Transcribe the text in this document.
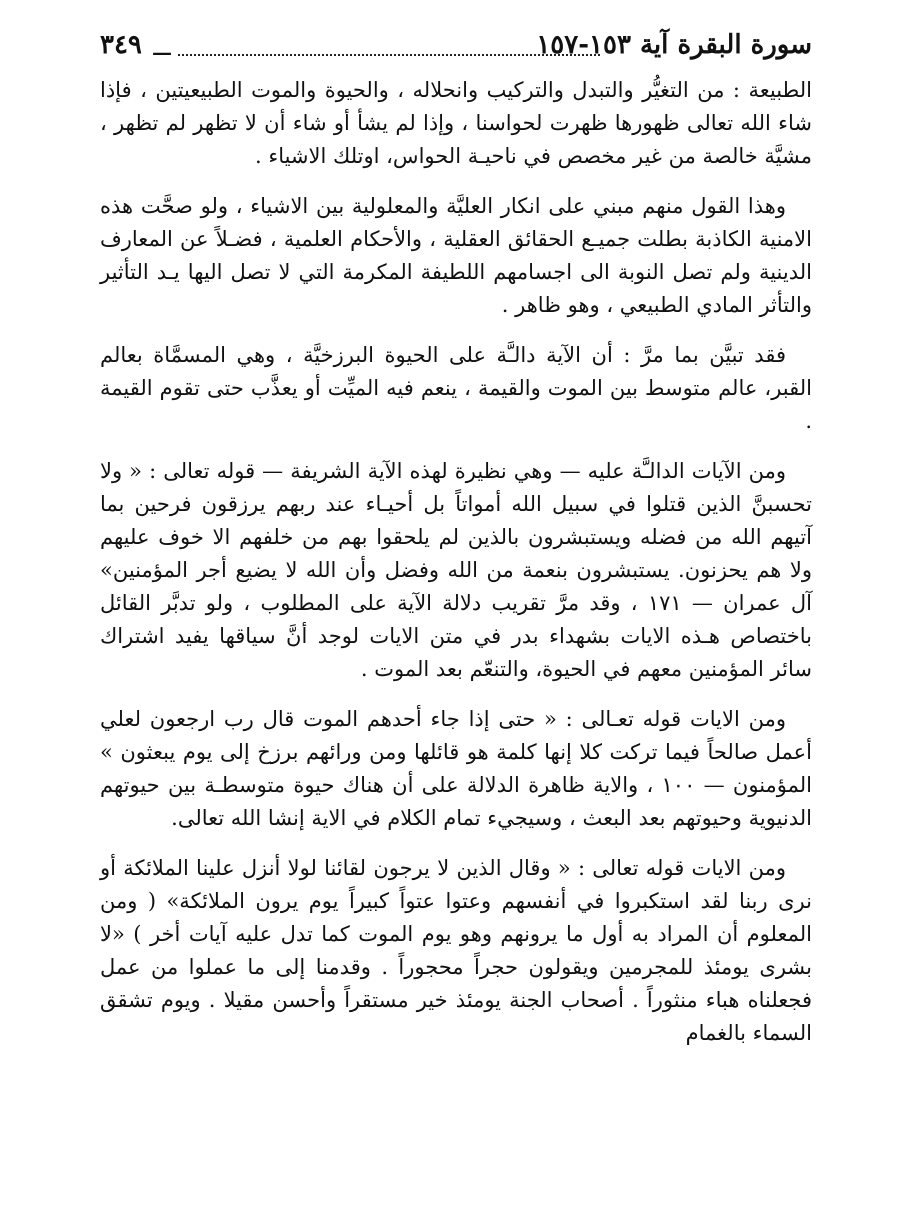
سورة البقرة آية ١٥٣-١٥٧
—
٣٤٩

الطبيعة : من التغيُّر والتبدل والتركيب وانحلاله ، والحيوة والموت الطبيعيتين ، فإذا شاء الله تعالى ظهورها ظهرت لحواسنا ، وإذا لم يشأ أو شاء أن لا تظهر لم تظهر ، مشيَّة خالصة من غير مخصص في ناحيـة الحواس، اوتلك الاشياء .

وهذا القول منهم مبني على انكار العليَّة والمعلولية بين الاشياء ، ولو صحَّت هذه الامنية الكاذبة بطلت جميـع الحقائق العقلية ، والأحكام العلمية ، فضـلاً عن المعارف الدينية ولم تصل النوبة الى اجسامهم اللطيفة المكرمة التي لا تصل اليها يـد التأثير والتأثر المادي الطبيعي ، وهو ظاهر .

فقد تبيَّن بما مرَّ : أن الآية دالـَّة على الحيوة البرزخيَّة ، وهي المسمَّاة بعالم القبر، عالم متوسط بين الموت والقيمة ، ينعم فيه الميِّت أو يعذَّب حتى تقوم القيمة .

ومن الآيات الدالـَّة عليه — وهي نظيرة لهذه الآية الشريفة — قوله تعالى : « ولا تحسبنَّ الذين قتلوا في سبيل الله أمواتاً بل أحيـاء عند ربهم يرزقون فرحين بما آتيهم الله من فضله ويستبشرون بالذين لم يلحقوا بهم من خلفهم الا خوف عليهم ولا هم يحزنون. يستبشرون بنعمة من الله وفضل وأن الله لا يضيع أجر المؤمنين» آل عمران — ١٧١ ، وقد مرَّ تقريب دلالة الآية على المطلوب ، ولو تدبَّر القائل باختصاص هـذه الايات بشهداء بدر في متن الايات لوجد أنَّ سياقها يفيد اشتراك سائر المؤمنين معهم في الحيوة، والتنعّم بعد الموت .

ومن الايات قوله تعـالى : « حتى إذا جاء أحدهم الموت قال رب ارجعون لعلي أعمل صالحاً فيما تركت كلا إنها كلمة هو قائلها ومن ورائهم برزخ إلى يوم يبعثون » المؤمنون — ١٠٠ ، والاية ظاهرة الدلالة على أن هناك حيوة متوسطـة بين حيوتهم الدنيوية وحيوتهم بعد البعث ، وسيجيء تمام الكلام في الاية إنشا الله تعالى.

ومن الايات قوله تعالى : « وقال الذين لا يرجون لقائنا لولا أنزل علينا الملائكة أو نرى ربنا لقد استكبروا في أنفسهم وعتوا عتواً كبيراً يوم يرون الملائكة» ( ومن المعلوم أن المراد به أول ما يرونهم وهو يوم الموت كما تدل عليه آيات أخر ) «لا بشرى يومئذ للمجرمين ويقولون حجراً محجوراً . وقدمنا إلى ما عملوا من عمل فجعلناه هباء منثوراً . أصحاب الجنة يومئذ خير مستقراً وأحسن مقيلا . ويوم تشقق السماء بالغمام
